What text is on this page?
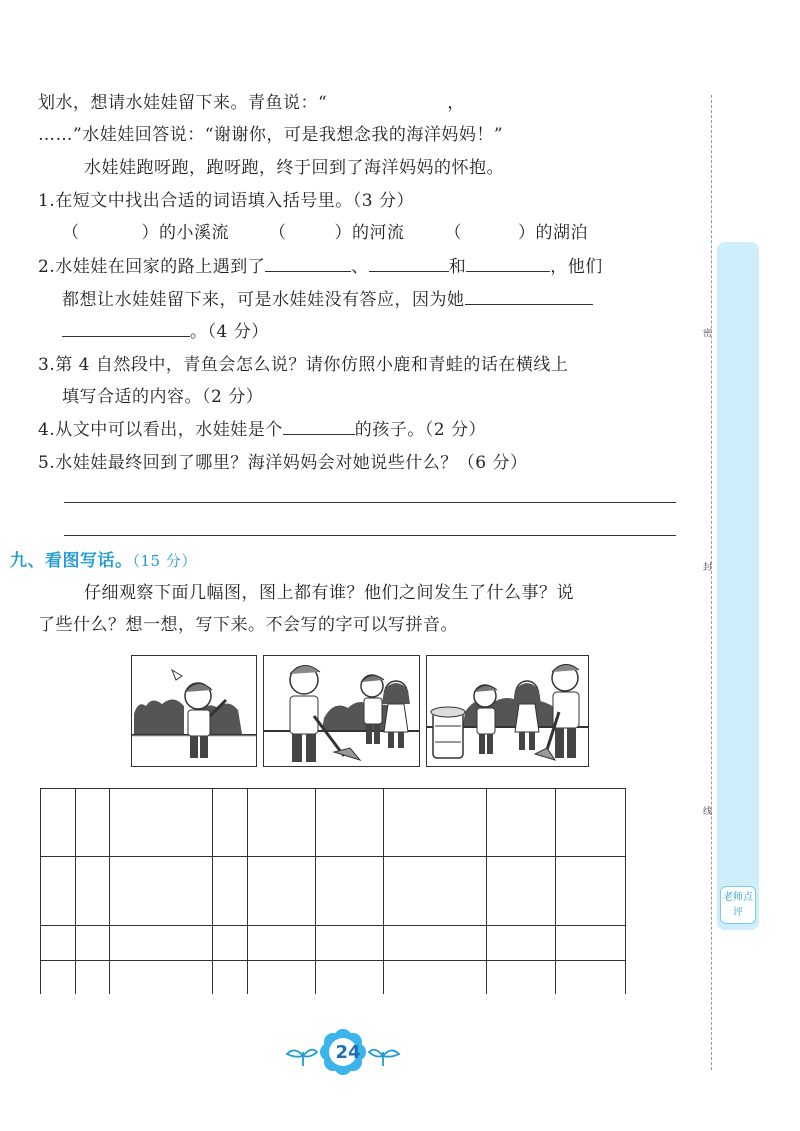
划水，想请水娃娃留下来。青鱼说：“	，
……”水娃娃回答说：“谢谢你，可是我想念我的海洋妈妈！”
水娃娃跑呀跑，跑呀跑，终于回到了海洋妈妈的怀抱。
1.在短文中找出合适的词语填入括号里。（3 分）
（	）的小溪流 （	）的河流 （	）的湖泊
2.水娃娃在回家的路上遇到了	、	和	，他们
都想让水娃娃留下来，可是水娃娃没有答应，因为她
。（4 分）
3.第 4 自然段中，青鱼会怎么说？请你仿照小鹿和青蛙的话在横线上
填写合适的内容。（2 分）
4.从文中可以看出，水娃娃是个	的孩子。（2 分）
5.水娃娃最终回到了哪里？海洋妈妈会对她说些什么？（6 分）
九、看图写话。（15 分）
仔细观察下面几幅图，图上都有谁？他们之间发生了什么事？说
了些什么？想一想，写下来。不会写的字可以写拼音。
密
封
线
老师点评
24
